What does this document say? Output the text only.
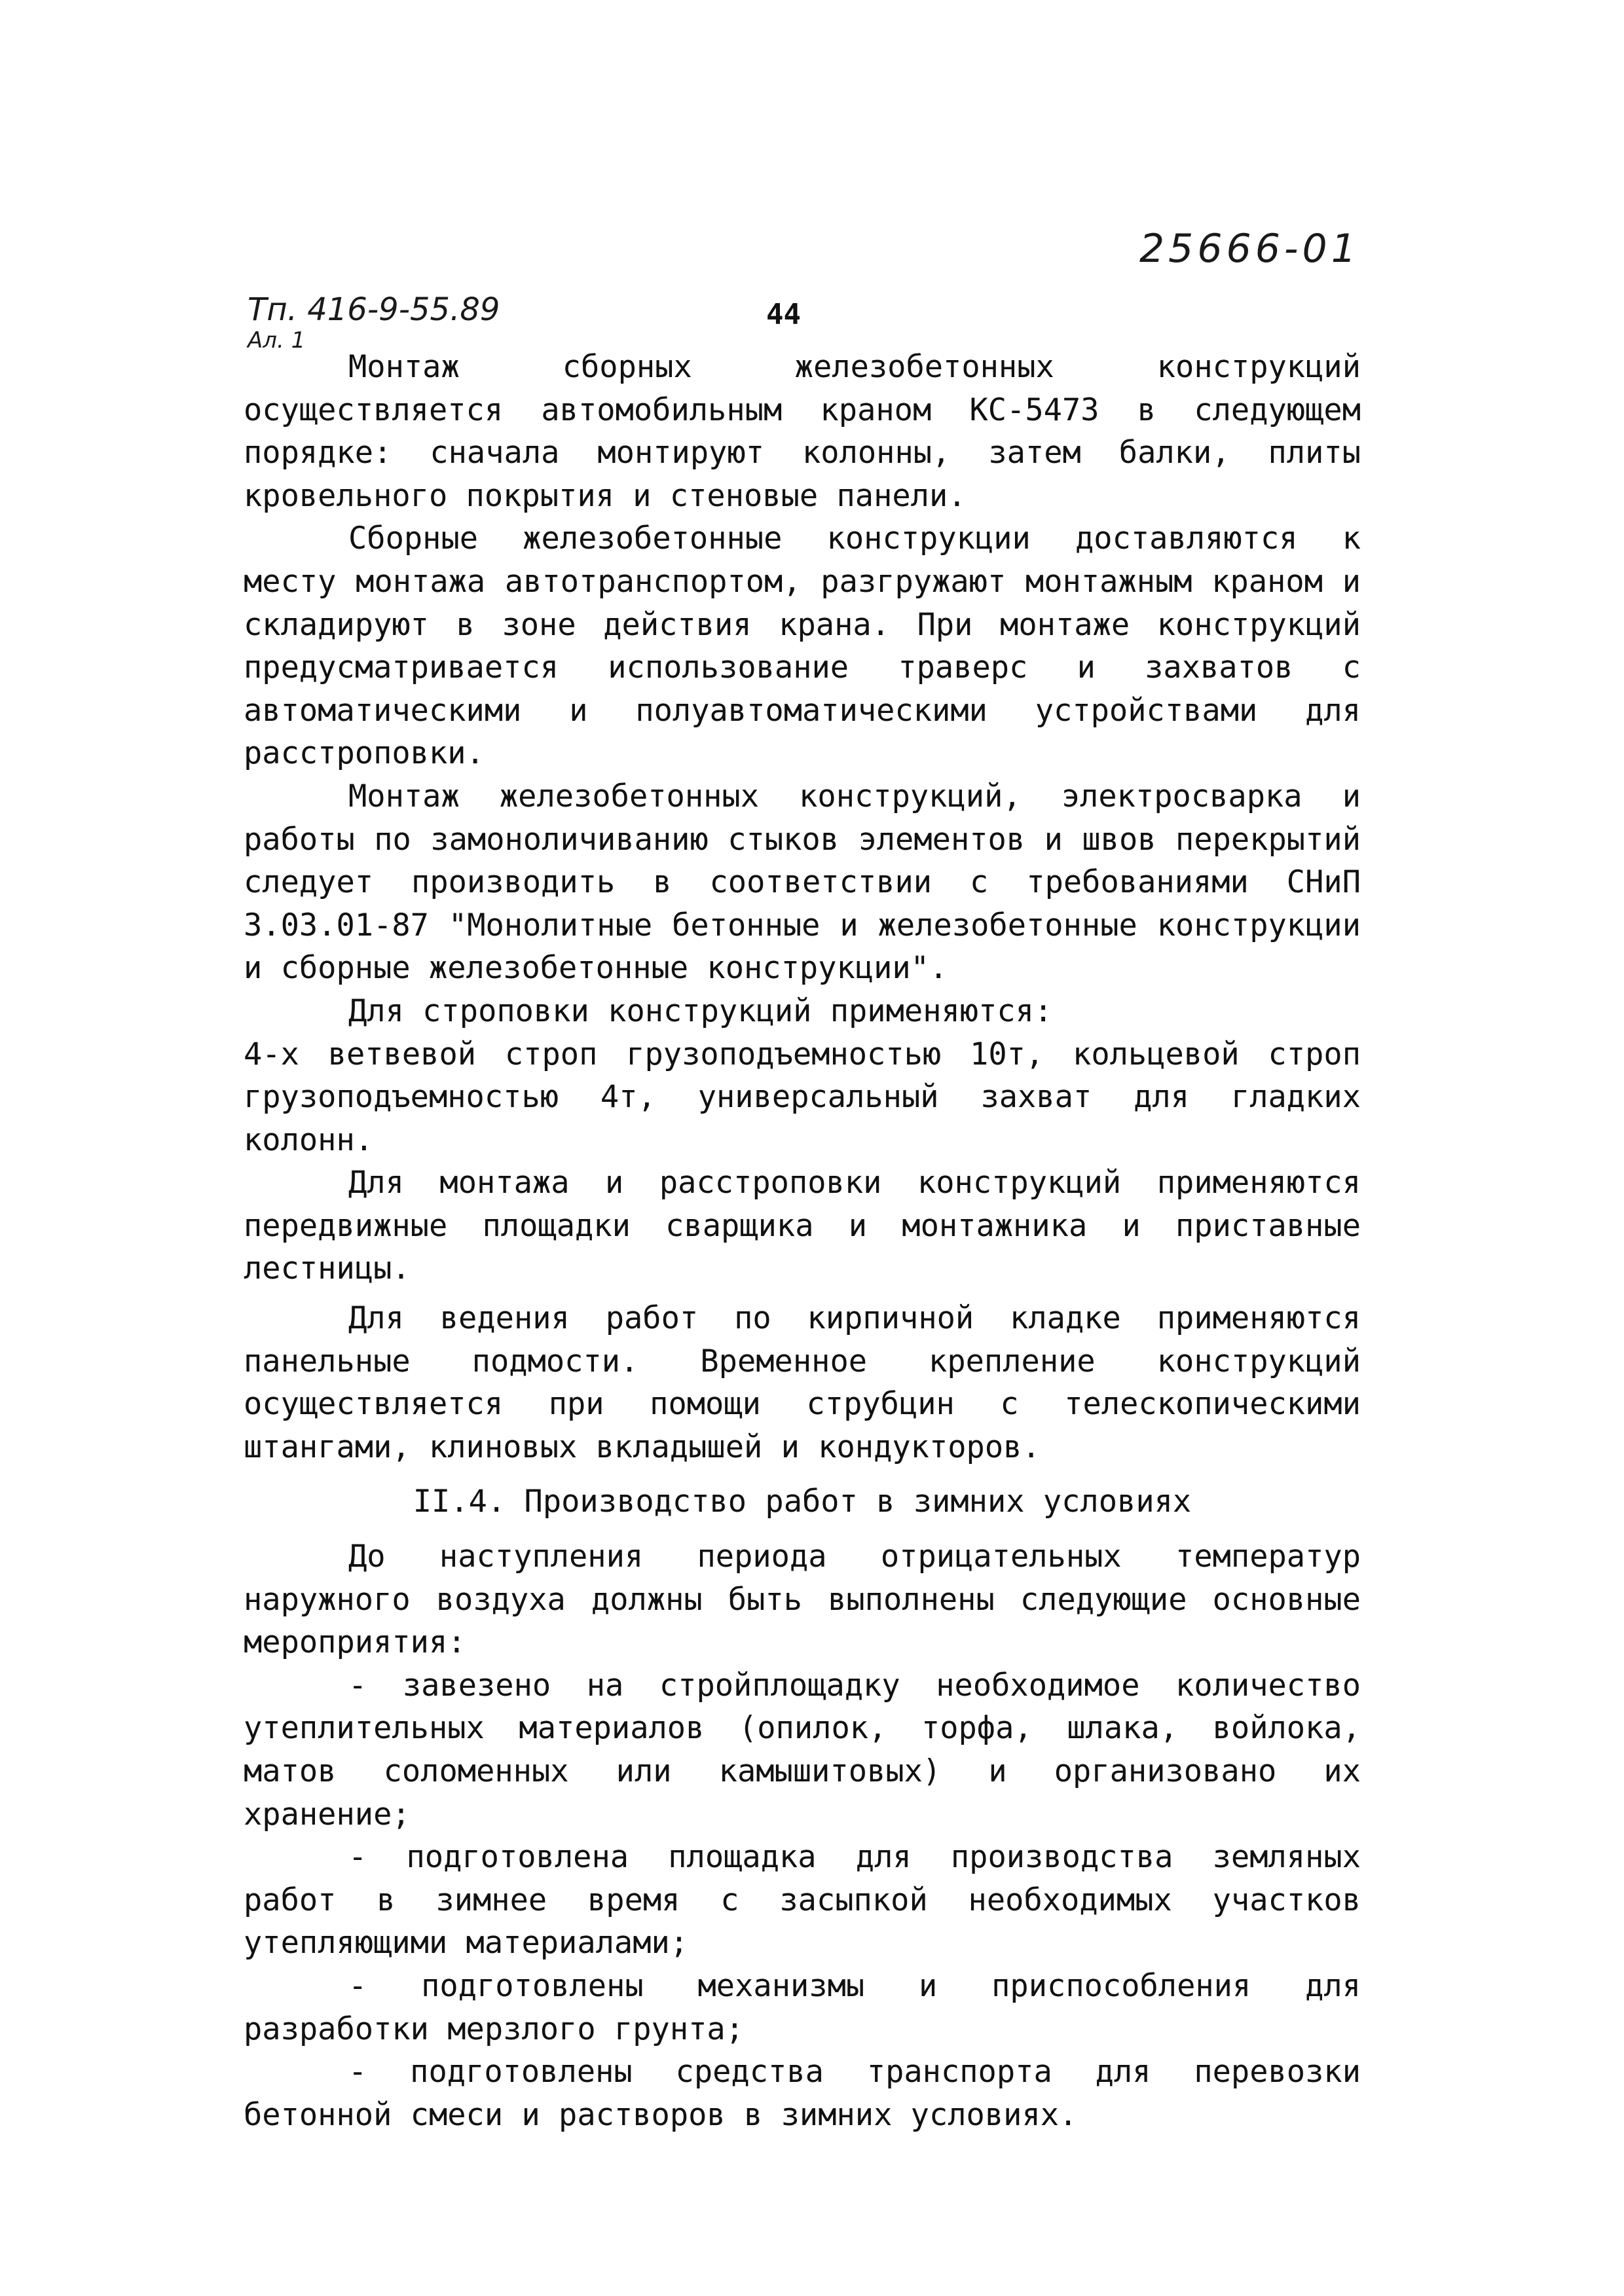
25666-01
Тп. 416-9-55.89
Ал. 1
44

Монтаж сборных железобетонных конструкций осуществляется автомобильным краном КС-5473 в следующем порядке: сначала монтируют колонны, затем балки, плиты кровельного покрытия и стеновые панели.

Сборные железобетонные конструкции доставляются к месту монтажа автотранспортом, разгружают монтажным краном и складируют в зоне действия крана. При монтаже конструкций предусматривается использование траверс и захватов с автоматическими и полуавтоматическими устройствами для расстроповки.

Монтаж железобетонных конструкций, электросварка и работы по замоноличиванию стыков элементов и швов перекрытий следует производить в соответствии с требованиями СНиП 3.03.01-87 "Монолитные бетонные и железобетонные конструкции и сборные железобетонные конструкции".

Для строповки конструкций применяются:

4-х ветвевой строп грузоподъемностью 10т, кольцевой строп грузоподъемностью 4т, универсальный захват для гладких колонн.

Для монтажа и расстроповки конструкций применяются передвижные площадки сварщика и монтажника и приставные лестницы.

Для ведения работ по кирпичной кладке применяются панельные подмости. Временное крепление конструкций осуществляется при помощи струбцин с телескопическими штангами, клиновых вкладышей и кондукторов.

II.4. Производство работ в зимних условиях

До наступления периода отрицательных температур наружного воздуха должны быть выполнены следующие основные мероприятия:

- завезено на стройплощадку необходимое количество утеплительных материалов (опилок, торфа, шлака, войлока, матов соломенных или камышитовых) и организовано их хранение;

- подготовлена площадка для производства земляных работ в зимнее время с засыпкой необходимых участков утепляющими материалами;

- подготовлены механизмы и приспособления для разработки мерзлого грунта;

- подготовлены средства транспорта для перевозки бетонной смеси и растворов в зимних условиях.
